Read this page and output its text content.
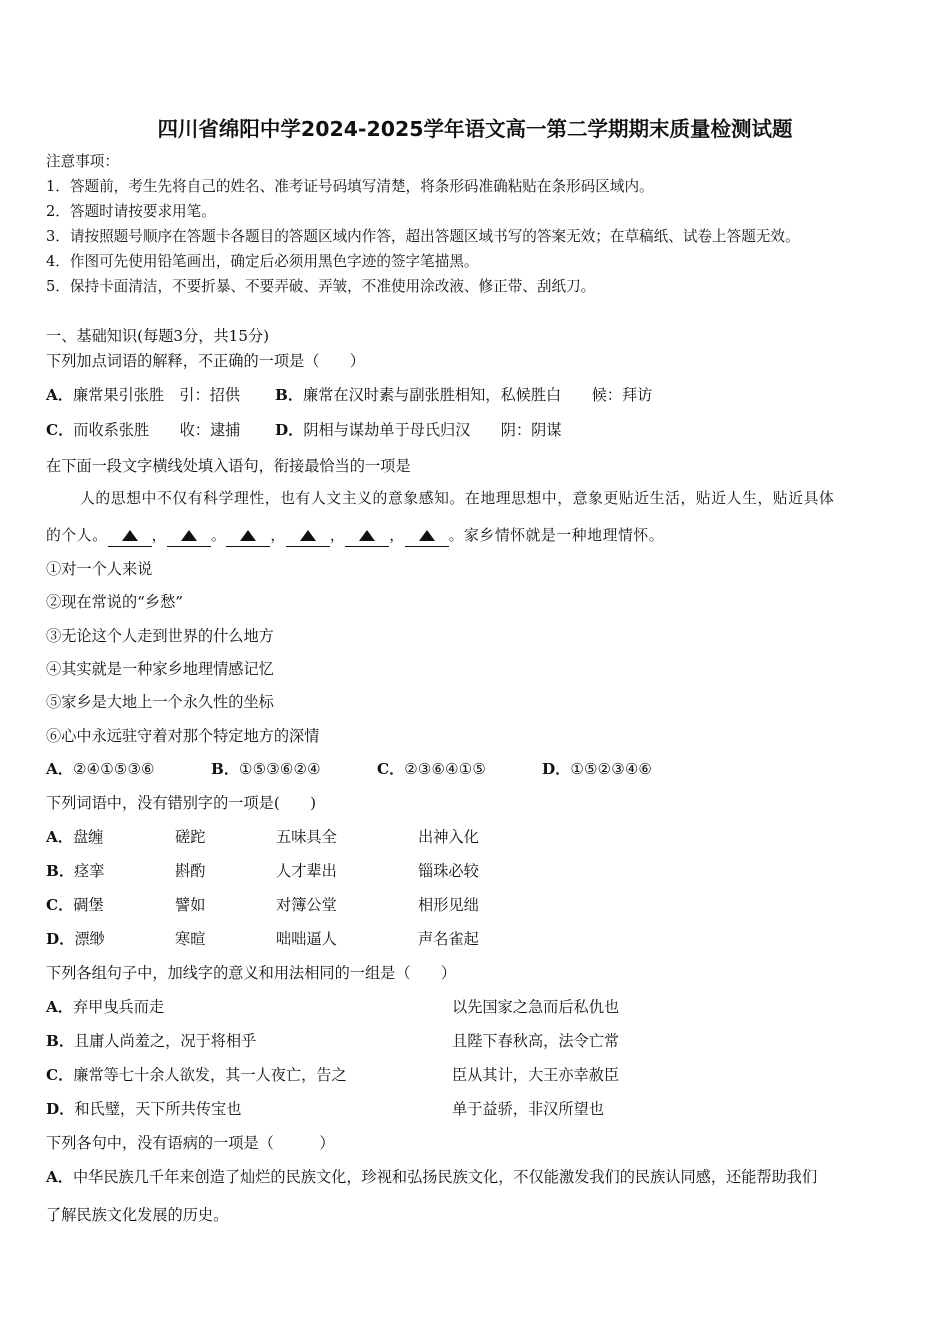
四川省绵阳中学2024-2025学年语文高一第二学期期末质量检测试题
注意事项：
1．答题前，考生先将自己的姓名、准考证号码填写清楚，将条形码准确粘贴在条形码区域内。
2．答题时请按要求用笔。
3．请按照题号顺序在答题卡各题目的答题区域内作答，超出答题区域书写的答案无效；在草稿纸、试卷上答题无效。
4．作图可先使用铅笔画出，确定后必须用黑色字迹的签字笔描黑。
5．保持卡面清洁，不要折暴、不要弄破、弄皱，不准使用涂改液、修正带、刮纸刀。
一、基础知识(每题3分，共15分)
下列加点词语的解释，不正确的一项是（　　）
A．廉常果引张胜　引：招供 B．廉常在汉时素与副张胜相知，私候胜白　　候：拜访
C．而收系张胜　　收：逮捕 D．阴相与谋劫单于母氏归汉　　阴：阴谋
在下面一段文字横线处填入语句，衔接最恰当的一项是
人的思想中不仅有科学理性，也有人文主义的意象感知。在地理思想中，意象更贴近生活，贴近人生，贴近具体
的个人。	，	。	，	，	，	。家乡情怀就是一种地理情怀。
①对一个人来说
②现在常说的“乡愁”
③无论这个人走到世界的什么地方
④其实就是一种家乡地理情感记忆
⑤家乡是大地上一个永久性的坐标
⑥心中永远驻守着对那个特定地方的深情
A．②④①⑤③⑥	B．①⑤③⑥②④	C．②③⑥④①⑤	D．①⑤②③④⑥
下列词语中，没有错别字的一项是(　　)
A．盘缠	磋跎	五味具全	出神入化
B．痉挛	斟酌	人才辈出	锱珠必较
C．碉堡	譬如	对簿公堂	相形见绌
D．漂缈	寒暄	咄咄逼人	声名雀起
下列各组句子中，加线字的意义和用法相同的一组是（　　）
A．弃甲曳兵而走	以先国家之急而后私仇也
B．且庸人尚羞之，况于将相乎	且陛下春秋高，法令亡常
C．廉常等七十余人欲发，其一人夜亡，告之	臣从其计，大王亦幸赦臣
D．和氏璧，天下所共传宝也	单于益骄，非汉所望也
下列各句中，没有语病的一项是（　　　）
A．中华民族几千年来创造了灿烂的民族文化，珍视和弘扬民族文化，不仅能激发我们的民族认同感，还能帮助我们
了解民族文化发展的历史。
